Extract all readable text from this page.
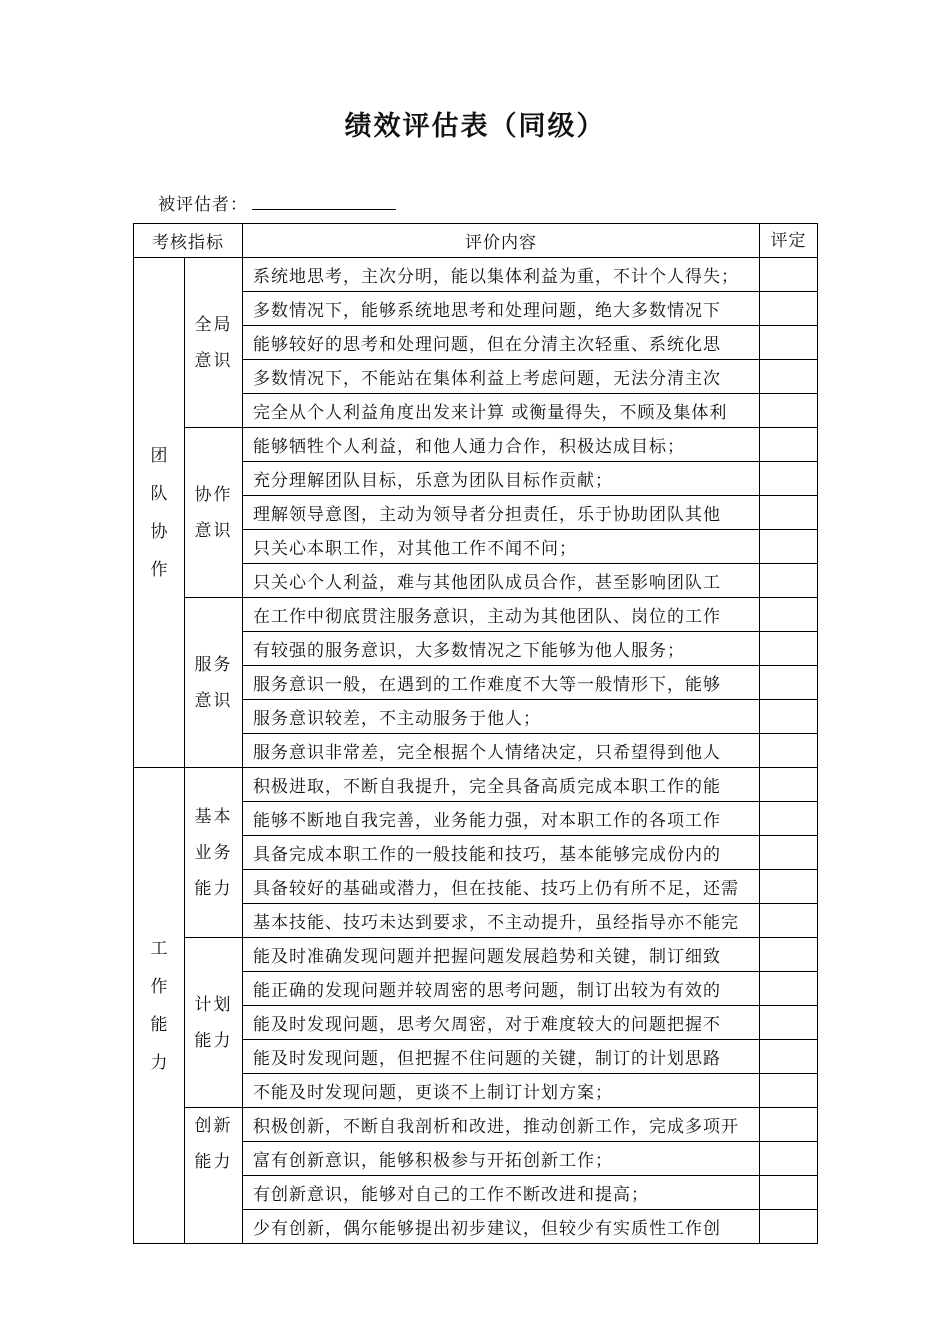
绩效评估表（同级）
被评估者：
考核指标		评价内容	评定
团队协作	全局意识	系统地思考，主次分明，能以集体利益为重，不计个人得失；	
		多数情况下，能够系统地思考和处理问题，绝大多数情况下	
		能够较好的思考和处理问题，但在分清主次轻重、系统化思	
		多数情况下，不能站在集体利益上考虑问题，无法分清主次	
		完全从个人利益角度出发来计算 或衡量得失，不顾及集体利	
	协作意识	能够牺牲个人利益，和他人通力合作，积极达成目标；	
		充分理解团队目标，乐意为团队目标作贡献；	
		理解领导意图，主动为领导者分担责任，乐于协助团队其他	
		只关心本职工作，对其他工作不闻不问；	
		只关心个人利益，难与其他团队成员合作，甚至影响团队工	
	服务意识	在工作中彻底贯注服务意识，主动为其他团队、岗位的工作	
		有较强的服务意识，大多数情况之下能够为他人服务；	
		服务意识一般，在遇到的工作难度不大等一般情形下，能够	
		服务意识较差，不主动服务于他人；	
		服务意识非常差，完全根据个人情绪决定，只希望得到他人	
工作能力	基本业务能力	积极进取，不断自我提升，完全具备高质完成本职工作的能	
		能够不断地自我完善，业务能力强，对本职工作的各项工作	
		具备完成本职工作的一般技能和技巧，基本能够完成份内的	
		具备较好的基础或潜力，但在技能、技巧上仍有所不足，还需	
		基本技能、技巧未达到要求，不主动提升，虽经指导亦不能完	
	计划能力	能及时准确发现问题并把握问题发展趋势和关键，制订细致	
		能正确的发现问题并较周密的思考问题，制订出较为有效的	
		能及时发现问题，思考欠周密，对于难度较大的问题把握不	
		能及时发现问题，但把握不住问题的关键，制订的计划思路	
		不能及时发现问题，更谈不上制订计划方案；	
	创新能力	积极创新，不断自我剖析和改进，推动创新工作，完成多项开	
		富有创新意识，能够积极参与开拓创新工作；	
		有创新意识，能够对自己的工作不断改进和提高；	
		少有创新，偶尔能够提出初步建议，但较少有实质性工作创	
